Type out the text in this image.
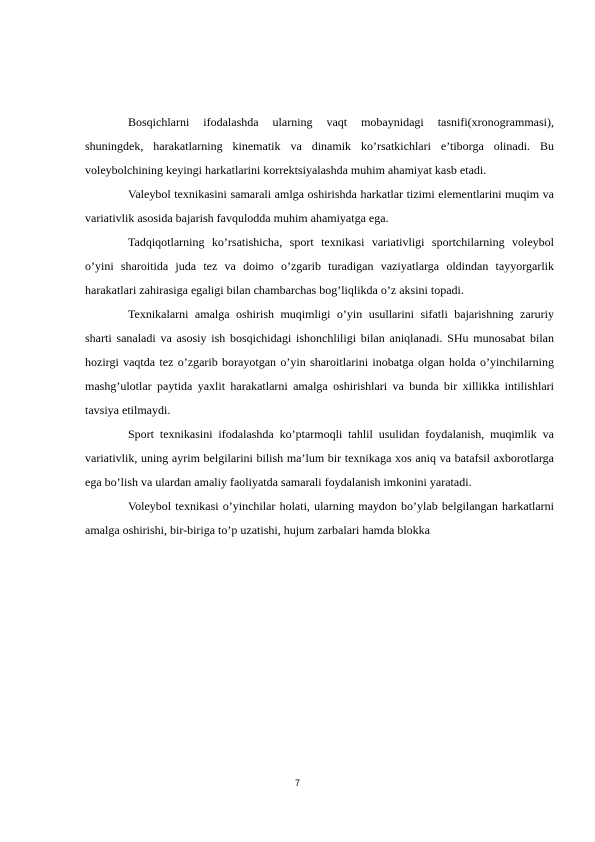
Bosqichlarni ifodalashda ularning vaqt mobaynidagi tasnifi(xronogrammasi), shuningdek, harakatlarning kinematik va dinamik ko’rsatkichlari e’tiborga olinadi. Bu voleybolchining keyingi harkatlarini korrektsiyalashda muhim ahamiyat kasb etadi.

Valeybol texnikasini samarali amlga oshirishda harkatlar tizimi elementlarini muqim va variativlik asosida bajarish favqulodda muhim ahamiyatga ega.

Tadqiqotlarning ko’rsatishicha, sport texnikasi variativligi sportchilarning voleybol o’yini sharoitida juda tez va doimo o’zgarib turadigan vaziyatlarga oldindan tayyorgarlik harakatlari zahirasiga egaligi bilan chambarchas bog’liqlikda o’z aksini topadi.

Texnikalarni amalga oshirish muqimligi o’yin usullarini sifatli bajarishning zaruriy sharti sanaladi va asosiy ish bosqichidagi ishonchliligi bilan aniqlanadi. SHu munosabat bilan hozirgi vaqtda tez o’zgarib borayotgan o’yin sharoitlarini inobatga olgan holda o’yinchilarning mashg’ulotlar paytida yaxlit harakatlarni amalga oshirishlari va bunda bir xillikka intilishlari tavsiya etilmaydi.

Sport texnikasini ifodalashda ko’ptarmoqli tahlil usulidan foydalanish, muqimlik va variativlik, uning ayrim belgilarini bilish ma’lum bir texnikaga xos aniq va batafsil axborotlarga ega bo’lish va ulardan amaliy faoliyatda samarali foydalanish imkonini yaratadi.

Voleybol texnikasi o’yinchilar holati, ularning maydon bo’ylab belgilangan harkatlarni amalga oshirishi, bir-biriga to’p uzatishi, hujum zarbalari hamda blokka

7
